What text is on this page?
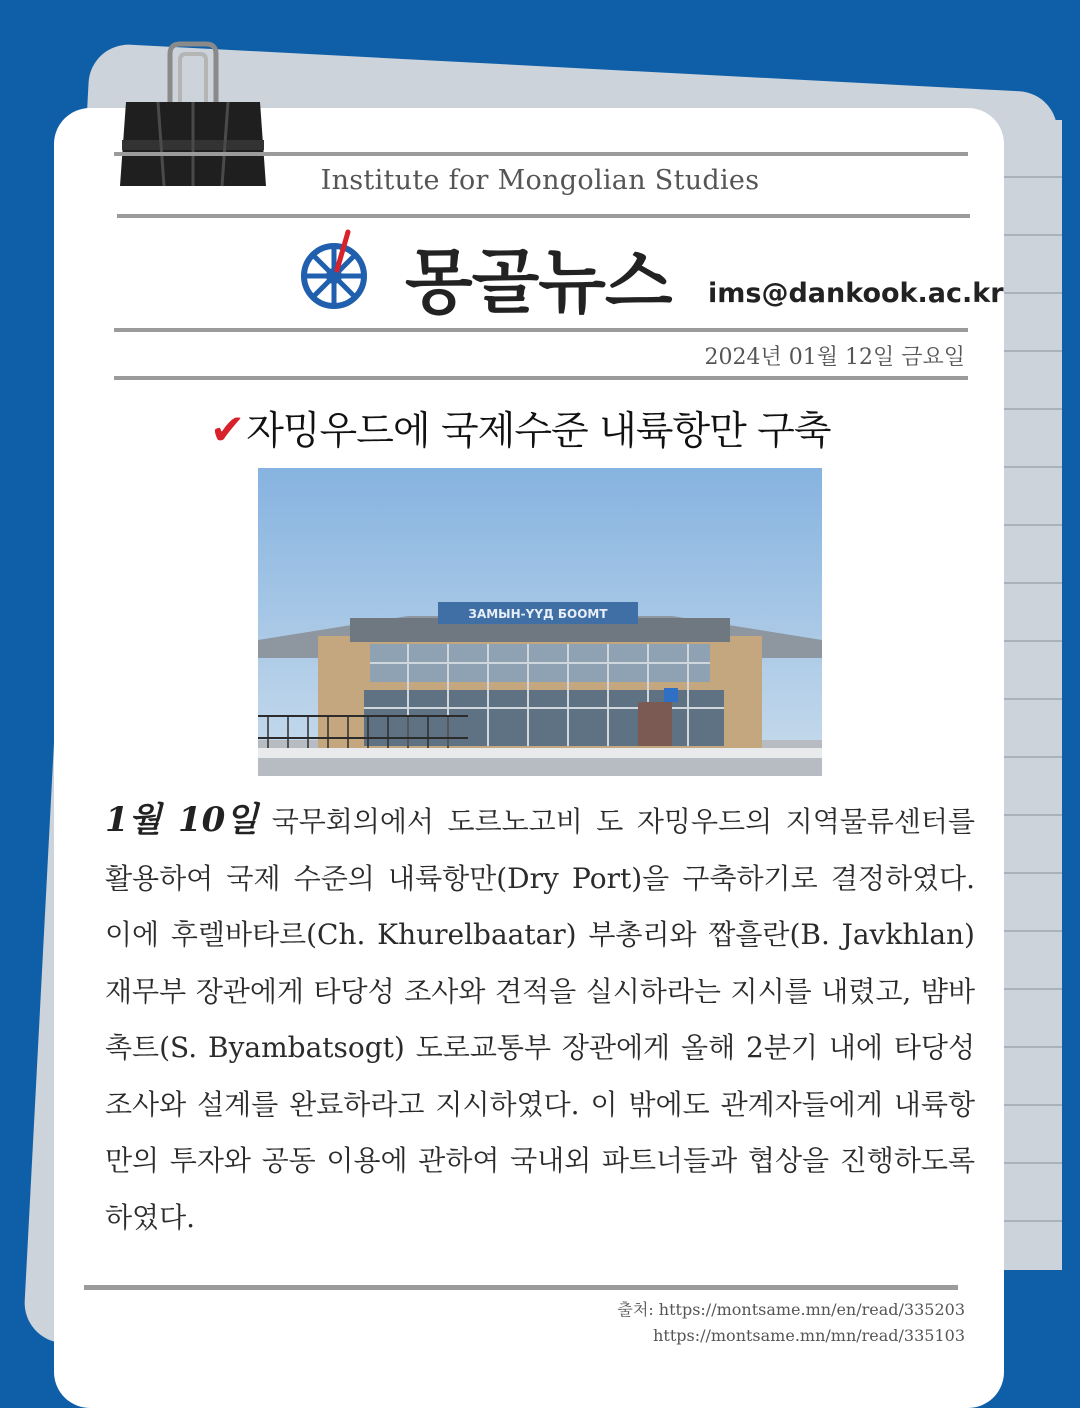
Institute for Mongolian Studies
몽골뉴스 ims@dankook.ac.kr
2024년 01월 12일 금요일
✔자밍우드에 국제수준 내륙항만 구축
ЗАМЫН-ҮҮД БООМТ
1월 10일 국무회의에서 도르노고비 도 자밍우드의 지역물류센터를 활용하여 국제 수준의 내륙항만(Dry Port)을 구축하기로 결정하였다. 이에 후렐바타르(Ch. Khurelbaatar) 부총리와 짭흘란(B. Javkhlan) 재무부 장관에게 타당성 조사와 견적을 실시하라는 지시를 내렸고, 뱜바촉트(S. Byambatsogt) 도로교통부 장관에게 올해 2분기 내에 타당성 조사와 설계를 완료하라고 지시하였다. 이 밖에도 관계자들에게 내륙항만의 투자와 공동 이용에 관하여 국내외 파트너들과 협상을 진행하도록 하였다.
출처: https://montsame.mn/en/read/335203
https://montsame.mn/mn/read/335103
